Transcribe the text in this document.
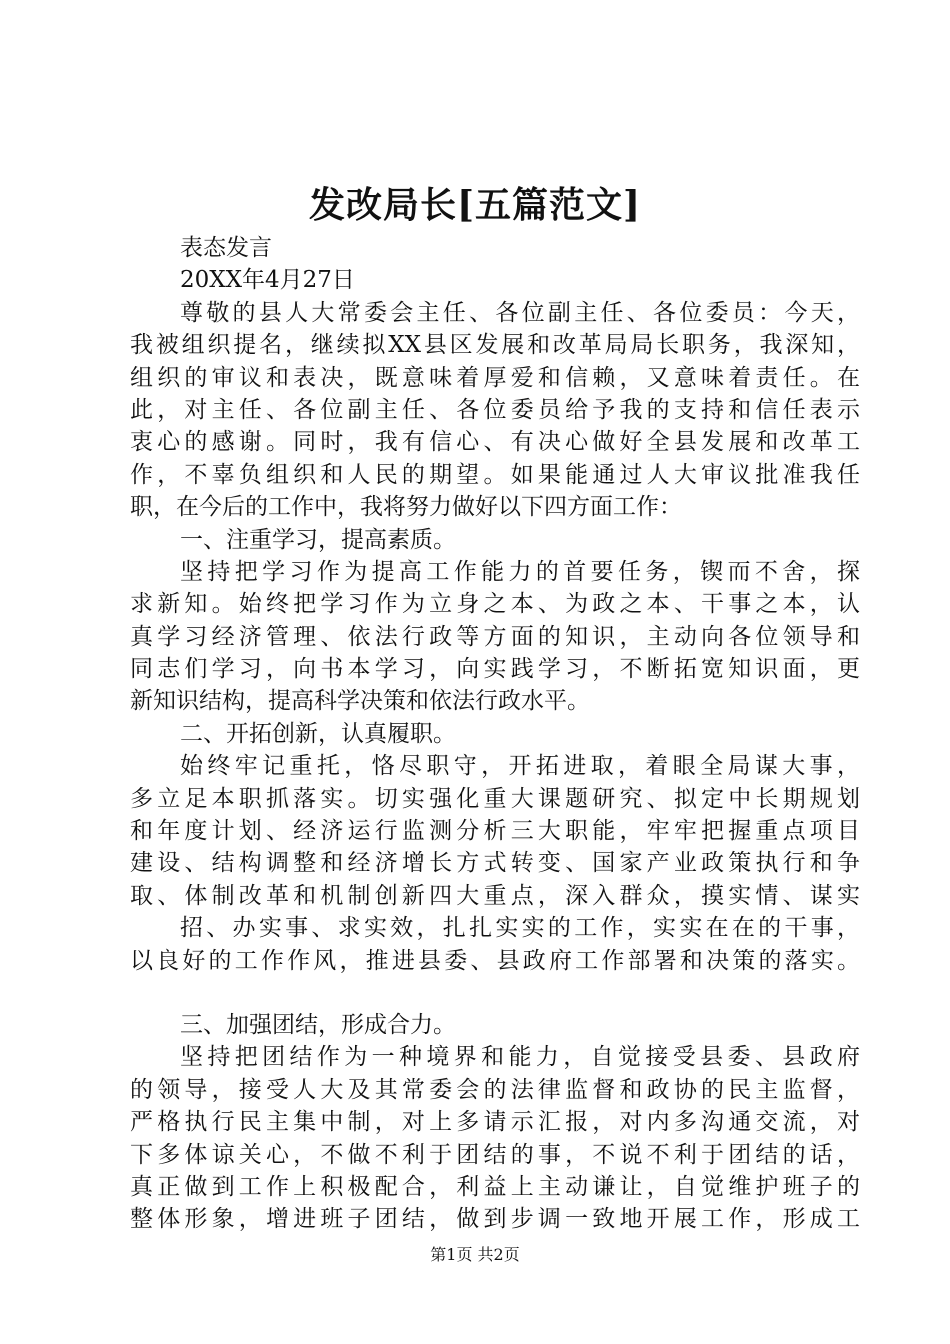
发改局长[五篇范文]
表态发言
20XX年4月27日
尊敬的县人大常委会主任、各位副主任、各位委员：今天，
我被组织提名，继续拟XX县区发展和改革局局长职务，我深知，
组织的审议和表决，既意味着厚爱和信赖，又意味着责任。在
此，对主任、各位副主任、各位委员给予我的支持和信任表示
衷心的感谢。同时，我有信心、有决心做好全县发展和改革工
作，不辜负组织和人民的期望。如果能通过人大审议批准我任
职，在今后的工作中，我将努力做好以下四方面工作：
一、注重学习，提高素质。
坚持把学习作为提高工作能力的首要任务，锲而不舍，探
求新知。始终把学习作为立身之本、为政之本、干事之本，认
真学习经济管理、依法行政等方面的知识，主动向各位领导和
同志们学习，向书本学习，向实践学习，不断拓宽知识面，更
新知识结构，提高科学决策和依法行政水平。
二、开拓创新，认真履职。
始终牢记重托，恪尽职守，开拓进取，着眼全局谋大事，
多立足本职抓落实。切实强化重大课题研究、拟定中长期规划
和年度计划、经济运行监测分析三大职能，牢牢把握重点项目
建设、结构调整和经济增长方式转变、国家产业政策执行和争
取、体制改革和机制创新四大重点，深入群众，摸实情、谋实
招、办实事、求实效，扎扎实实的工作，实实在在的干事，
以良好的工作作风，推进县委、县政府工作部署和决策的落实。
三、加强团结，形成合力。
坚持把团结作为一种境界和能力，自觉接受县委、县政府
的领导，接受人大及其常委会的法律监督和政协的民主监督，
严格执行民主集中制，对上多请示汇报，对内多沟通交流，对
下多体谅关心，不做不利于团结的事，不说不利于团结的话，
真正做到工作上积极配合，利益上主动谦让，自觉维护班子的
整体形象，增进班子团结，做到步调一致地开展工作，形成工
第1页 共2页
